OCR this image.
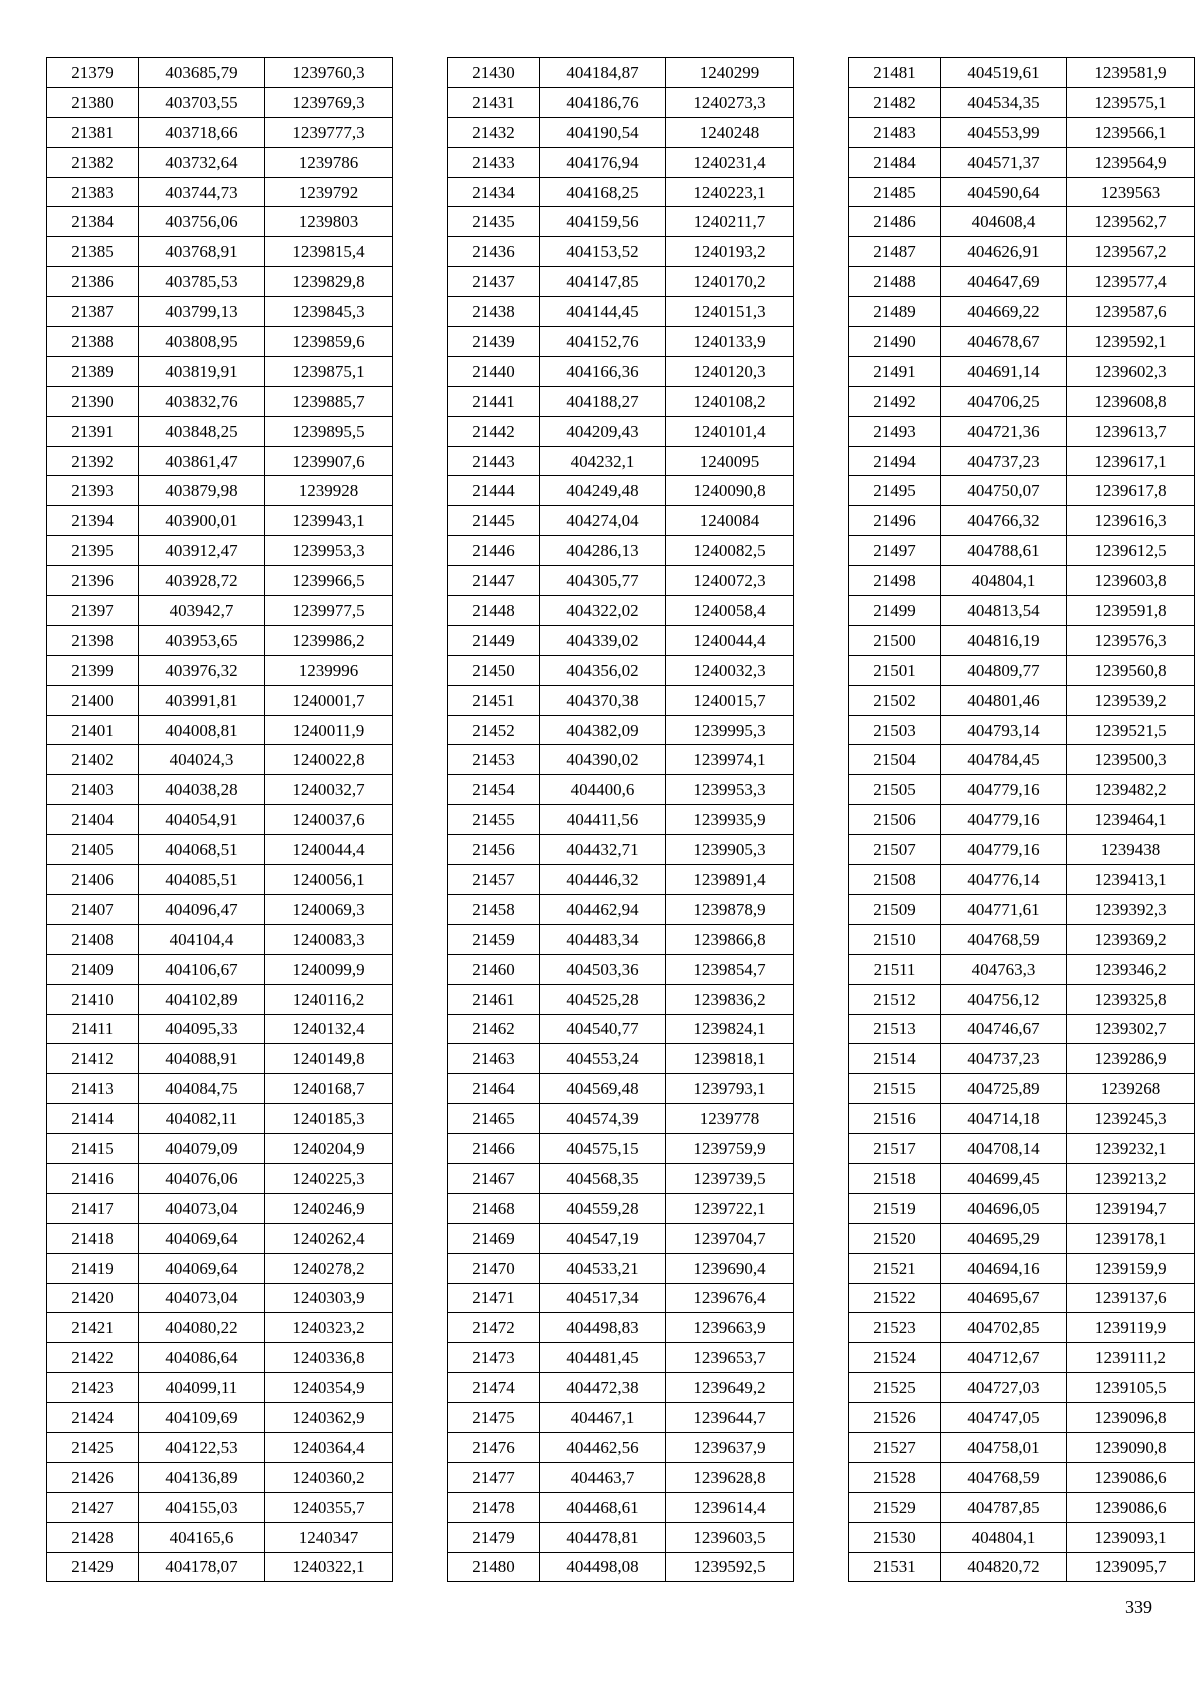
21379	403685,79	1239760,3
21380	403703,55	1239769,3
21381	403718,66	1239777,3
21382	403732,64	1239786
21383	403744,73	1239792
21384	403756,06	1239803
21385	403768,91	1239815,4
21386	403785,53	1239829,8
21387	403799,13	1239845,3
21388	403808,95	1239859,6
21389	403819,91	1239875,1
21390	403832,76	1239885,7
21391	403848,25	1239895,5
21392	403861,47	1239907,6
21393	403879,98	1239928
21394	403900,01	1239943,1
21395	403912,47	1239953,3
21396	403928,72	1239966,5
21397	403942,7	1239977,5
21398	403953,65	1239986,2
21399	403976,32	1239996
21400	403991,81	1240001,7
21401	404008,81	1240011,9
21402	404024,3	1240022,8
21403	404038,28	1240032,7
21404	404054,91	1240037,6
21405	404068,51	1240044,4
21406	404085,51	1240056,1
21407	404096,47	1240069,3
21408	404104,4	1240083,3
21409	404106,67	1240099,9
21410	404102,89	1240116,2
21411	404095,33	1240132,4
21412	404088,91	1240149,8
21413	404084,75	1240168,7
21414	404082,11	1240185,3
21415	404079,09	1240204,9
21416	404076,06	1240225,3
21417	404073,04	1240246,9
21418	404069,64	1240262,4
21419	404069,64	1240278,2
21420	404073,04	1240303,9
21421	404080,22	1240323,2
21422	404086,64	1240336,8
21423	404099,11	1240354,9
21424	404109,69	1240362,9
21425	404122,53	1240364,4
21426	404136,89	1240360,2
21427	404155,03	1240355,7
21428	404165,6	1240347
21429	404178,07	1240322,1
21430	404184,87	1240299
21431	404186,76	1240273,3
21432	404190,54	1240248
21433	404176,94	1240231,4
21434	404168,25	1240223,1
21435	404159,56	1240211,7
21436	404153,52	1240193,2
21437	404147,85	1240170,2
21438	404144,45	1240151,3
21439	404152,76	1240133,9
21440	404166,36	1240120,3
21441	404188,27	1240108,2
21442	404209,43	1240101,4
21443	404232,1	1240095
21444	404249,48	1240090,8
21445	404274,04	1240084
21446	404286,13	1240082,5
21447	404305,77	1240072,3
21448	404322,02	1240058,4
21449	404339,02	1240044,4
21450	404356,02	1240032,3
21451	404370,38	1240015,7
21452	404382,09	1239995,3
21453	404390,02	1239974,1
21454	404400,6	1239953,3
21455	404411,56	1239935,9
21456	404432,71	1239905,3
21457	404446,32	1239891,4
21458	404462,94	1239878,9
21459	404483,34	1239866,8
21460	404503,36	1239854,7
21461	404525,28	1239836,2
21462	404540,77	1239824,1
21463	404553,24	1239818,1
21464	404569,48	1239793,1
21465	404574,39	1239778
21466	404575,15	1239759,9
21467	404568,35	1239739,5
21468	404559,28	1239722,1
21469	404547,19	1239704,7
21470	404533,21	1239690,4
21471	404517,34	1239676,4
21472	404498,83	1239663,9
21473	404481,45	1239653,7
21474	404472,38	1239649,2
21475	404467,1	1239644,7
21476	404462,56	1239637,9
21477	404463,7	1239628,8
21478	404468,61	1239614,4
21479	404478,81	1239603,5
21480	404498,08	1239592,5
21481	404519,61	1239581,9
21482	404534,35	1239575,1
21483	404553,99	1239566,1
21484	404571,37	1239564,9
21485	404590,64	1239563
21486	404608,4	1239562,7
21487	404626,91	1239567,2
21488	404647,69	1239577,4
21489	404669,22	1239587,6
21490	404678,67	1239592,1
21491	404691,14	1239602,3
21492	404706,25	1239608,8
21493	404721,36	1239613,7
21494	404737,23	1239617,1
21495	404750,07	1239617,8
21496	404766,32	1239616,3
21497	404788,61	1239612,5
21498	404804,1	1239603,8
21499	404813,54	1239591,8
21500	404816,19	1239576,3
21501	404809,77	1239560,8
21502	404801,46	1239539,2
21503	404793,14	1239521,5
21504	404784,45	1239500,3
21505	404779,16	1239482,2
21506	404779,16	1239464,1
21507	404779,16	1239438
21508	404776,14	1239413,1
21509	404771,61	1239392,3
21510	404768,59	1239369,2
21511	404763,3	1239346,2
21512	404756,12	1239325,8
21513	404746,67	1239302,7
21514	404737,23	1239286,9
21515	404725,89	1239268
21516	404714,18	1239245,3
21517	404708,14	1239232,1
21518	404699,45	1239213,2
21519	404696,05	1239194,7
21520	404695,29	1239178,1
21521	404694,16	1239159,9
21522	404695,67	1239137,6
21523	404702,85	1239119,9
21524	404712,67	1239111,2
21525	404727,03	1239105,5
21526	404747,05	1239096,8
21527	404758,01	1239090,8
21528	404768,59	1239086,6
21529	404787,85	1239086,6
21530	404804,1	1239093,1
21531	404820,72	1239095,7
339
